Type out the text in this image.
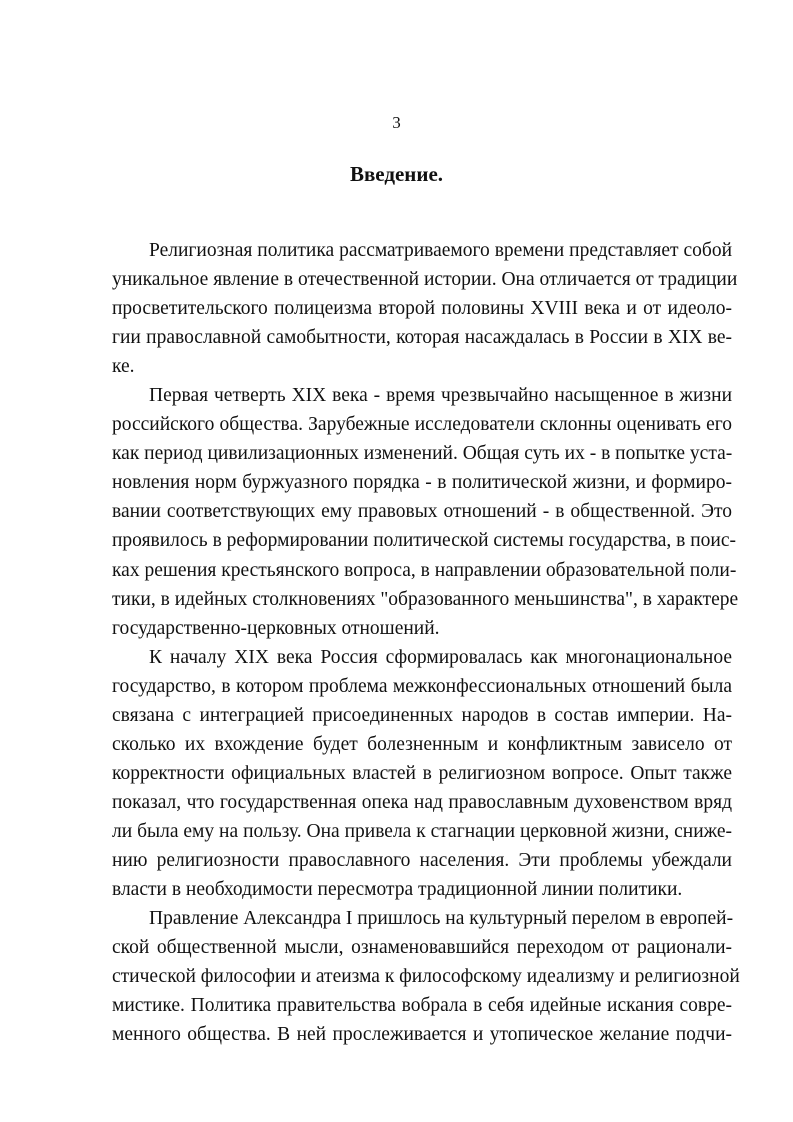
3
Введение.
Религиозная политика рассматриваемого времени представляет собой
уникальное явление в отечественной истории. Она отличается от традиции
просветительского полицеизма второй половины XVIII века и от идеоло-
гии православной самобытности, которая насаждалась в России в XIX ве-
ке.
Первая четверть XIX века - время чрезвычайно насыщенное в жизни
российского общества. Зарубежные исследователи склонны оценивать его
как период цивилизационных изменений. Общая суть их - в попытке уста-
новления норм буржуазного порядка - в политической жизни, и формиро-
вании соответствующих ему правовых отношений - в общественной. Это
проявилось в реформировании политической системы государства, в поис-
ках решения крестьянского вопроса, в направлении образовательной поли-
тики, в идейных столкновениях "образованного меньшинства", в характере
государственно-церковных отношений.
К началу XIX века Россия сформировалась как многонациональное
государство, в котором проблема межконфессиональных отношений была
связана с интеграцией присоединенных народов в состав империи. На-
сколько их вхождение будет болезненным и конфликтным зависело от
корректности официальных властей в религиозном вопросе. Опыт также
показал, что государственная опека над православным духовенством вряд
ли была ему на пользу. Она привела к стагнации церковной жизни, сниже-
нию религиозности православного населения. Эти проблемы убеждали
власти в необходимости пересмотра традиционной линии политики.
Правление Александра I пришлось на культурный перелом в европей-
ской общественной мысли, ознаменовавшийся переходом от рационали-
стической философии и атеизма к философскому идеализму и религиозной
мистике. Политика правительства вобрала в себя идейные искания совре-
менного общества. В ней прослеживается и утопическое желание подчи-
